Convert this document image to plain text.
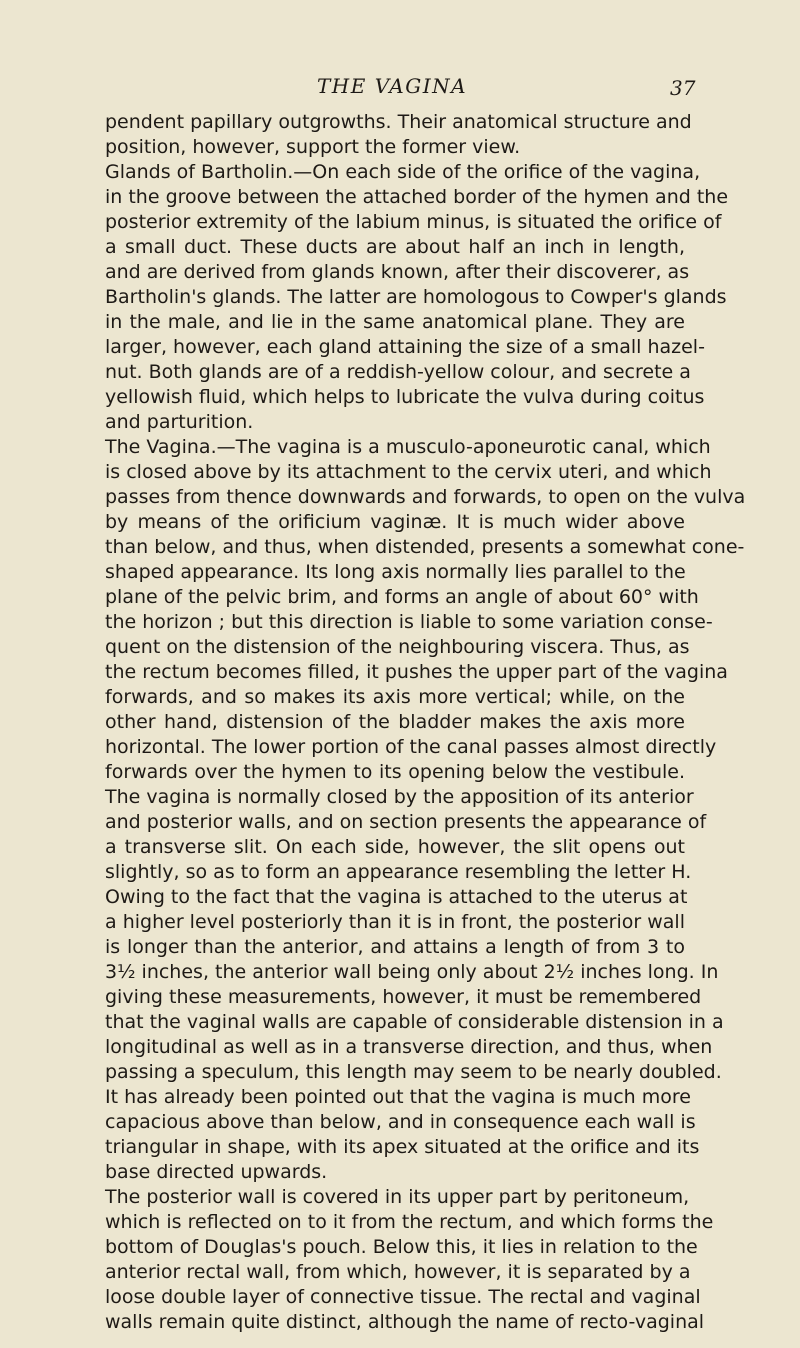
THE VAGINA	37
pendent papillary outgrowths. Their anatomical structure and
position, however, support the former view.
Glands of Bartholin.—On each side of the orifice of the vagina,
in the groove between the attached border of the hymen and the
posterior extremity of the labium minus, is situated the orifice of
a small duct. These ducts are about half an inch in length,
and are derived from glands known, after their discoverer, as
Bartholin's glands. The latter are homologous to Cowper's glands
in the male, and lie in the same anatomical plane. They are
larger, however, each gland attaining the size of a small hazel-
nut. Both glands are of a reddish-yellow colour, and secrete a
yellowish fluid, which helps to lubricate the vulva during coitus
and parturition.
The Vagina.—The vagina is a musculo-aponeurotic canal, which
is closed above by its attachment to the cervix uteri, and which
passes from thence downwards and forwards, to open on the vulva
by means of the orificium vaginæ. It is much wider above
than below, and thus, when distended, presents a somewhat cone-
shaped appearance. Its long axis normally lies parallel to the
plane of the pelvic brim, and forms an angle of about 60° with
the horizon ; but this direction is liable to some variation conse-
quent on the distension of the neighbouring viscera. Thus, as
the rectum becomes filled, it pushes the upper part of the vagina
forwards, and so makes its axis more vertical; while, on the
other hand, distension of the bladder makes the axis more
horizontal. The lower portion of the canal passes almost directly
forwards over the hymen to its opening below the vestibule.
The vagina is normally closed by the apposition of its anterior
and posterior walls, and on section presents the appearance of
a transverse slit. On each side, however, the slit opens out
slightly, so as to form an appearance resembling the letter H.
Owing to the fact that the vagina is attached to the uterus at
a higher level posteriorly than it is in front, the posterior wall
is longer than the anterior, and attains a length of from 3 to
3½ inches, the anterior wall being only about 2½ inches long. In
giving these measurements, however, it must be remembered
that the vaginal walls are capable of considerable distension in a
longitudinal as well as in a transverse direction, and thus, when
passing a speculum, this length may seem to be nearly doubled.
It has already been pointed out that the vagina is much more
capacious above than below, and in consequence each wall is
triangular in shape, with its apex situated at the orifice and its
base directed upwards.
The posterior wall is covered in its upper part by peritoneum,
which is reflected on to it from the rectum, and which forms the
bottom of Douglas's pouch. Below this, it lies in relation to the
anterior rectal wall, from which, however, it is separated by a
loose double layer of connective tissue. The rectal and vaginal
walls remain quite distinct, although the name of recto-vaginal
